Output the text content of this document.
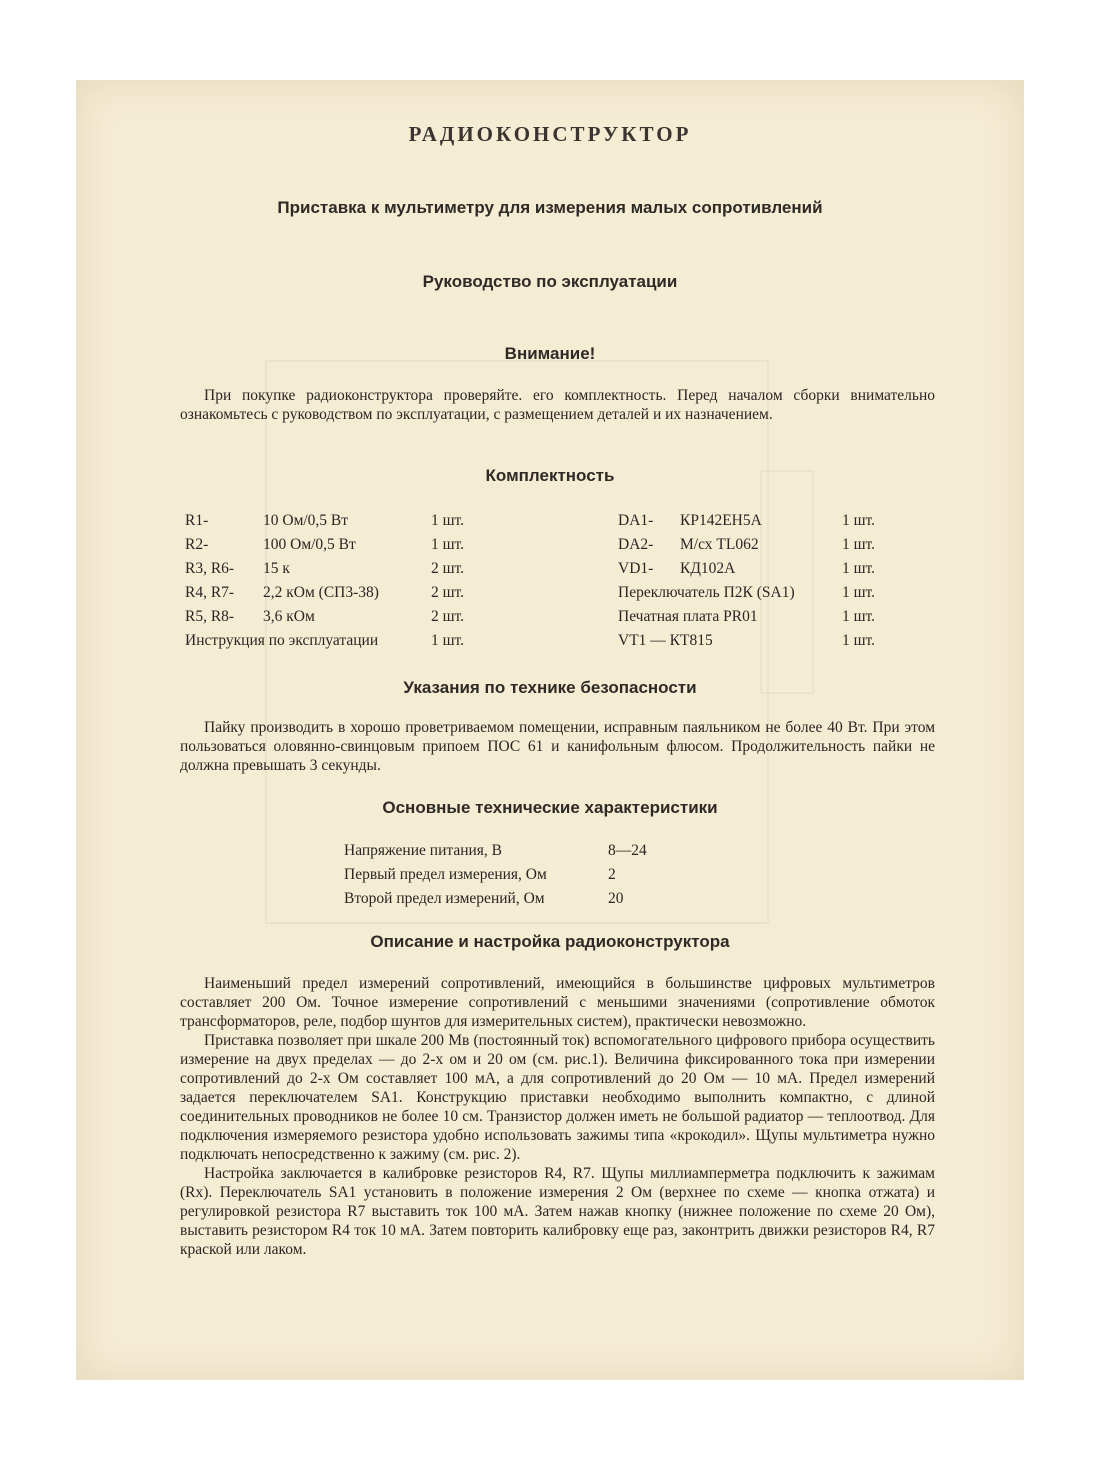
РАДИОКОНСТРУКТОР
Приставка к мультиметру для измерения малых сопротивлений
Руководство по эксплуатации
Внимание!

При покупке радиоконструктора проверяйте. его комплектность. Перед началом сборки внимательно ознакомьтесь с руководством по эксплуатации, с размещением деталей и их назначением.

Комплектность
R1-	10 Ом/0,5 Вт	1 шт.
R2-	100 Ом/0,5 Вт	1 шт.
R3, R6- 15 к	2 шт.
R4, R7- 2,2 кОм (СП3-38)	2 шт.
R5, R8- 3,6 кОм	2 шт.
Инструкция по эксплуатации	1 шт.
DA1- КР142ЕН5А	1 шт.
DA2- М/сх TL062	1 шт.
VD1- КД102А	1 шт.
Переключатель П2К (SA1)	1 шт.
Печатная плата PR01	1 шт.
VT1 — КТ815	1 шт.
Указания по технике безопасности

Пайку производить в хорошо проветриваемом помещении, исправным паяльником не более 40 Вт. При этом пользоваться оловянно-свинцовым припоем ПОС 61 и канифольным флюсом. Продолжительность пайки не должна превышать 3 секунды.

Основные технические характеристики
Напряжение питания, В	8—24
Первый предел измерения, Ом	2
Второй предел измерений, Ом	20
Описание и настройка радиоконструктора

Наименьший предел измерений сопротивлений, имеющийся в большинстве цифровых мультиметров составляет 200 Ом. Точное измерение сопротивлений с меньшими значениями (сопротивление обмоток трансформаторов, реле, подбор шунтов для измерительных систем), практически невозможно.

Приставка позволяет при шкале 200 Мв (постоянный ток) вспомогательного цифрового прибора осуществить измерение на двух пределах — до 2-х ом и 20 ом (см. рис.1). Величина фиксированного тока при измерении сопротивлений до 2-х Ом составляет 100 мА, а для сопротивлений до 20 Ом — 10 мА. Предел измерений задается переключателем SA1. Конструкцию приставки необходимо выполнить компактно, с длиной соединительных проводников не более 10 см. Транзистор должен иметь не большой радиатор — теплоотвод. Для подключения измеряемого резистора удобно использовать зажимы типа «крокодил». Щупы мультиметра нужно подключать непосредственно к зажиму (см. рис. 2).

Настройка заключается в калибровке резисторов R4, R7. Щупы миллиамперметра подключить к зажимам (Rx). Переключатель SA1 установить в положение измерения 2 Ом (верхнее по схеме — кнопка отжата) и регулировкой резистора R7 выставить ток 100 мА. Затем нажав кнопку (нижнее положение по схеме 20 Ом), выставить резистором R4 ток 10 мА. Затем повторить калибровку еще раз, законтрить движки резисторов R4, R7 краской или лаком.
